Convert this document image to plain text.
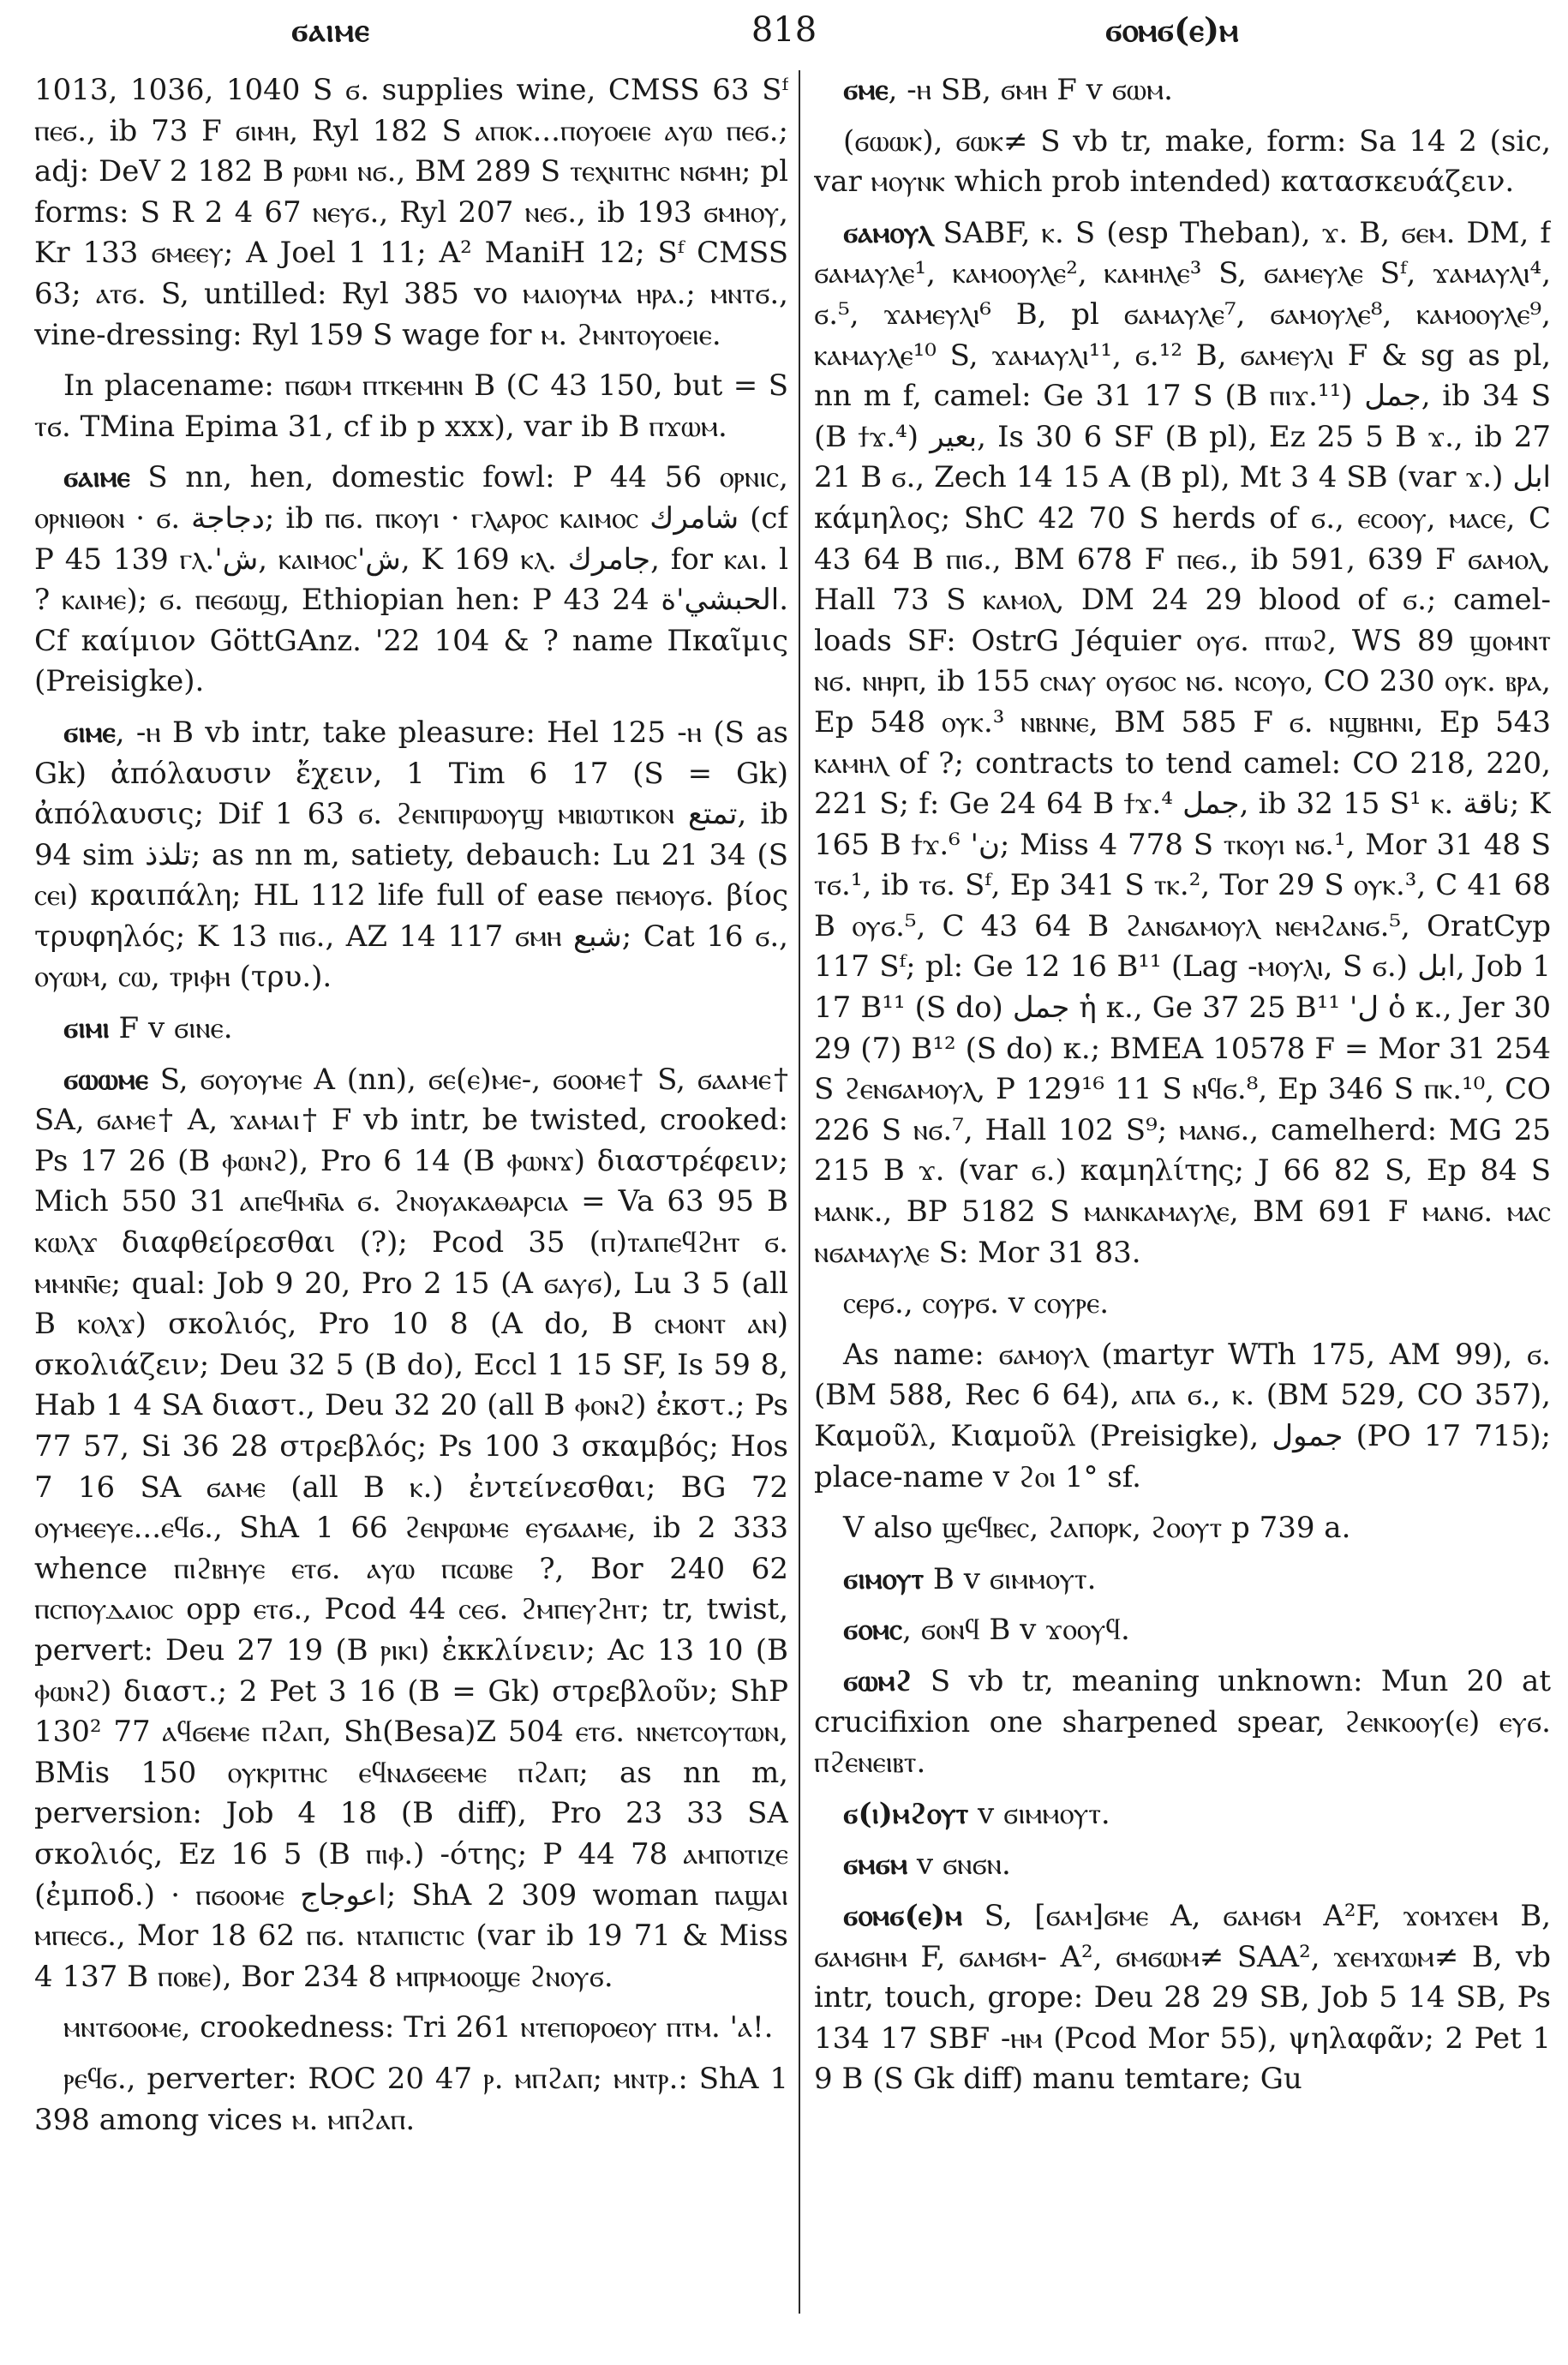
ϭⲁⲓⲙⲉ	818	ϭⲟⲙϭ(ⲉ)ⲙ

1013, 1036, 1040 S ϭ. supplies wine, CMSS 63 Sᶠ ⲡⲉϭ., ib 73 F ϭⲓⲙⲏ, Ryl 182 S ⲁⲡⲟⲕ...ⲡⲟⲩⲟⲉⲓⲉ ⲁⲩⲱ ⲡⲉϭ.; adj: DeV 2 182 B ⲣⲱⲙⲓ ⲛϭ., BM 289 S ⲧⲉⲭⲛⲓⲧⲏⲥ ⲛϭⲙⲏ; pl forms: S R 2 4 67 ⲛⲉⲩϭ., Ryl 207 ⲛⲉϭ., ib 193 ϭⲙⲏⲟⲩ, Kr 133 ϭⲙⲉⲉⲩ; A Joel 1 11; A² ManiH 12; Sᶠ CMSS 63; ⲁⲧϭ. S, untilled: Ryl 385 vo ⲙⲁⲓⲟⲩⲙⲁ ⲏⲣⲁ.; ⲙⲛⲧϭ., vine-dressing: Ryl 159 S wage for ⲙ. ϩⲙⲛⲧⲟⲩⲟⲉⲓⲉ.

In placename: ⲡϭⲱⲙ ⲡⲧⲕⲉⲙⲏⲛ B (C 43 150, but = S ⲧϭ. TMina Epima 31, cf ib p xxx), var ib B ⲡϫⲱⲙ.

ϭⲁⲓⲙⲉ S nn, hen, domestic fowl: P 44 56 ⲟⲣⲛⲓⲥ, ⲟⲣⲛⲓⲑⲟⲛ · ϭ. دجاجة; ib ⲡϭ. ⲡⲕⲟⲩⲓ · ⲅⲗⲁⲣⲟⲥ ⲕⲁⲓⲙⲟⲥ شامرك (cf P 45 139 ⲅⲗ.'ش, ⲕⲁⲓⲙⲟⲥ'ش, K 169 ⲕⲗ. جامرك, for ⲕⲁⲓ. l ? ⲕⲁⲓⲙⲉ); ϭ. ⲡⲉϭⲱϣ, Ethiopian hen: P 43 24 الحبشي'ة. Cf καίμιον GöttGAnz. '22 104 & ? name Πκαῖμις (Preisigke).

ϭⲓⲙⲉ, -ⲏ B vb intr, take pleasure: Hel 125 -ⲏ (S as Gk) ἀπόλαυσιν ἔχειν, 1 Tim 6 17 (S = Gk) ἀπόλαυσις; Dif 1 63 ϭ. ϩⲉⲛⲡⲓⲣⲱⲟⲩϣ ⲙⲃⲓⲱⲧⲓⲕⲟⲛ تمتع, ib 94 sim تلذذ; as nn m, satiety, debauch: Lu 21 34 (S ⲥⲉⲓ) κραιπάλη; HL 112 life full of ease ⲡⲉⲙⲟⲩϭ. βίος τρυφηλός; K 13 ⲡⲓϭ., AZ 14 117 ϭⲙⲏ شبع; Cat 16 ϭ., ⲟⲩⲱⲙ, ⲥⲱ, ⲧⲣⲓⲫⲏ (τρυ.).

ϭⲓⲙⲓ F v ϭⲓⲛⲉ.

ϭⲱⲱⲙⲉ S, ϭⲟⲩⲟⲩⲙⲉ A (nn), ϭⲉ(ⲉ)ⲙⲉ-, ϭⲟⲟⲙⲉ† S, ϭⲁⲁⲙⲉ† SA, ϭⲁⲙⲉ† A, ϫⲁⲙⲁⲓ† F vb intr, be twisted, crooked: Ps 17 26 (B ⲫⲱⲛϩ), Pro 6 14 (B ⲫⲱⲛϫ) διαστρέφειν; Mich 550 31 ⲁⲡⲉϥⲙⲛ̄ⲁ ϭ. ϩⲛⲟⲩⲁⲕⲁⲑⲁⲣⲥⲓⲁ = Va 63 95 B ⲕⲱⲗϫ διαφθείρεσθαι (?); Pcod 35 (ⲡ)ⲧⲁⲡⲉϥϩⲏⲧ ϭ. ⲙⲙⲛⲛ̄ⲉ; qual: Job 9 20, Pro 2 15 (A ϭⲁⲩϭ), Lu 3 5 (all B ⲕⲟⲗϫ) σκολιός, Pro 10 8 (A do, B ⲥⲙⲟⲛⲧ ⲁⲛ) σκολιάζειν; Deu 32 5 (B do), Eccl 1 15 SF, Is 59 8, Hab 1 4 SA διαστ., Deu 32 20 (all B ⲫⲟⲛϩ) ἐκστ.; Ps 77 57, Si 36 28 στρεβλός; Ps 100 3 σκαμβός; Hos 7 16 SA ϭⲁⲙⲉ (all B ⲕ.) ἐντείνεσθαι; BG 72 ⲟⲩⲙⲉⲉⲩⲉ...ⲉϥϭ., ShA 1 66 ϩⲉⲛⲣⲱⲙⲉ ⲉⲩϭⲁⲁⲙⲉ, ib 2 333 whence ⲡⲓϩⲃⲏⲩⲉ ⲉⲧϭ. ⲁⲩⲱ ⲡⲥⲱⲃⲉ ?, Bor 240 62 ⲡⲥⲡⲟⲩⲇⲁⲓⲟⲥ opp ⲉⲧϭ., Pcod 44 ⲥⲉϭ. ϩⲙⲡⲉⲩϩⲏⲧ; tr, twist, pervert: Deu 27 19 (B ⲣⲓⲕⲓ) ἐκκλίνειν; Ac 13 10 (B ⲫⲱⲛϩ) διαστ.; 2 Pet 3 16 (B = Gk) στρεβλοῦν; ShP 130² 77 ⲁϥϭⲉⲙⲉ ⲡϩⲁⲡ, Sh(Besa)Z 504 ⲉⲧϭ. ⲛⲛⲉⲧⲥⲟⲩⲧⲱⲛ, BMis 150 ⲟⲩⲕⲣⲓⲧⲏⲥ ⲉϥⲛⲁϭⲉⲉⲙⲉ ⲡϩⲁⲡ; as nn m, perversion: Job 4 18 (B diff), Pro 23 33 SA σκολιός, Ez 16 5 (B ⲡⲓⲫ.) -ότης; P 44 78 ⲁⲙⲡⲟⲧⲓⲍⲉ (ἐμποδ.) · ⲡϭⲟⲟⲙⲉ اعوجاج; ShA 2 309 woman ⲡⲁϣⲁⲓ ⲙⲡⲉⲥϭ., Mor 18 62 ⲡϭ. ⲛⲧⲁⲡⲓⲥⲧⲓⲥ (var ib 19 71 & Miss 4 137 B ⲡⲟⲃⲉ), Bor 234 8 ⲙⲡⲣⲙⲟⲟϣⲉ ϩⲛⲟⲩϭ.

ⲙⲛⲧϭⲟⲟⲙⲉ, crookedness: Tri 261 ⲛⲧⲉⲡⲟⲣⲟⲉⲟⲩ ⲡⲧⲙ. 'ⲁ!.

ⲣⲉϥϭ., perverter: ROC 20 47 ⲣ. ⲙⲡϩⲁⲡ; ⲙⲛⲧⲣ.: ShA 1 398 among vices ⲙ. ⲙⲡϩⲁⲡ.

ϭⲙⲉ, -ⲏ SB, ϭⲙⲏ F v ϭⲱⲙ.

(ϭⲱⲱⲕ), ϭⲱⲕ≠ S vb tr, make, form: Sa 14 2 (sic, var ⲙⲟⲩⲛⲕ which prob intended) κατασκευάζειν.

ϭⲁⲙⲟⲩⲗ SABF, ⲕ. S (esp Theban), ϫ. B, ϭⲉⲙ. DM, f ϭⲁⲙⲁⲩⲗⲉ¹, ⲕⲁⲙⲟⲟⲩⲗⲉ², ⲕⲁⲙⲏⲗⲉ³ S, ϭⲁⲙⲉⲩⲗⲉ Sᶠ, ϫⲁⲙⲁⲩⲗⲓ⁴, ϭ.⁵, ϫⲁⲙⲉⲩⲗⲓ⁶ B, pl ϭⲁⲙⲁⲩⲗⲉ⁷, ϭⲁⲙⲟⲩⲗⲉ⁸, ⲕⲁⲙⲟⲟⲩⲗⲉ⁹, ⲕⲁⲙⲁⲩⲗⲉ¹⁰ S, ϫⲁⲙⲁⲩⲗⲓ¹¹, ϭ.¹² B, ϭⲁⲙⲉⲩⲗⲓ F & sg as pl, nn m f, camel: Ge 31 17 S (B ⲡⲓϫ.¹¹) جمل, ib 34 S (B ϯϫ.⁴) بعير, Is 30 6 SF (B pl), Ez 25 5 B ϫ., ib 27 21 B ϭ., Zech 14 15 A (B pl), Mt 3 4 SB (var ϫ.) ابل κάμηλος; ShC 42 70 S herds of ϭ., ⲉⲥⲟⲟⲩ, ⲙⲁⲥⲉ, C 43 64 B ⲡⲓϭ., BM 678 F ⲡⲉϭ., ib 591, 639 F ϭⲁⲙⲟⲗ, Hall 73 S ⲕⲁⲙⲟⲗ, DM 24 29 blood of ϭ.; camel-loads SF: OstrG Jéquier ⲟⲩϭ. ⲡⲧⲱϩ, WS 89 ϣⲟⲙⲛⲧ ⲛϭ. ⲛⲏⲣⲡ, ib 155 ⲥⲛⲁⲩ ⲟⲩϭⲟⲥ ⲛϭ. ⲛⲥⲟⲩⲟ, CO 230 ⲟⲩⲕ. ⲃⲣⲁ, Ep 548 ⲟⲩⲕ.³ ⲛⲃⲛⲛⲉ, BM 585 F ϭ. ⲛϣⲃⲏⲛⲓ, Ep 543 ⲕⲁⲙⲏⲗ of ?; contracts to tend camel: CO 218, 220, 221 S; f: Ge 24 64 B ϯϫ.⁴ جمل, ib 32 15 S¹ ⲕ. ناقة; K 165 B ϯϫ.⁶ 'ﻥ; Miss 4 778 S ⲧⲕⲟⲩⲓ ⲛϭ.¹, Mor 31 48 S ⲧϭ.¹, ib ⲧϭ. Sᶠ, Ep 341 S ⲧⲕ.², Tor 29 S ⲟⲩⲕ.³, C 41 68 B ⲟⲩϭ.⁵, C 43 64 B ϩⲁⲛϭⲁⲙⲟⲩⲗ ⲛⲉⲙϩⲁⲛϭ.⁵, OratCyp 117 Sᶠ; pl: Ge 12 16 B¹¹ (Lag -ⲙⲟⲩⲗⲓ, S ϭ.) ابل, Job 1 17 B¹¹ (S do) جمل ἡ κ., Ge 37 25 B¹¹ 'ﻝ ὁ κ., Jer 30 29 (7) B¹² (S do) κ.; BMEA 10578 F = Mor 31 254 S ϩⲉⲛϭⲁⲙⲟⲩⲗ, P 129¹⁶ 11 S ⲛϥϭ.⁸, Ep 346 S ⲡⲕ.¹⁰, CO 226 S ⲛϭ.⁷, Hall 102 S⁹; ⲙⲁⲛϭ., camelherd: MG 25 215 B ϫ. (var ϭ.) καμηλίτης; J 66 82 S, Ep 84 S ⲙⲁⲛⲕ., BP 5182 S ⲙⲁⲛⲕⲁⲙⲁⲩⲗⲉ, BM 691 F ⲙⲁⲛϭ. ⲙⲁⲥ ⲛϭⲁⲙⲁⲩⲗⲉ S: Mor 31 83.

ⲥⲉⲣϭ., ⲥⲟⲩⲣϭ. v ⲥⲟⲩⲣⲉ.

As name: ϭⲁⲙⲟⲩⲗ (martyr WTh 175, AM 99), ϭ. (BM 588, Rec 6 64), ⲁⲡⲁ ϭ., ⲕ. (BM 529, CO 357), Καμοῦλ, Κιαμοῦλ (Preisigke), جمول (PO 17 715); place-name v ϩⲟⲓ 1° sf.

V also ϣⲉϥⲃⲉⲥ, ϩⲁⲡⲟⲣⲕ, ϩⲟⲟⲩⲧ p 739 a.

ϭⲓⲙⲟⲩⲧ B v ϭⲓⲙⲙⲟⲩⲧ.

ϭⲟⲙⲥ, ϭⲟⲛϥ B v ϫⲟⲟⲩϥ.

ϭⲱⲙϩ S vb tr, meaning unknown: Mun 20 at crucifixion one sharpened spear, ϩⲉⲛⲕⲟⲟⲩ(ⲉ) ⲉⲩϭ. ⲡϩⲉⲛⲉⲓⲃⲧ.

ϭ(ⲓ)ⲙϩⲟⲩⲧ v ϭⲓⲙⲙⲟⲩⲧ.

ϭⲙϭⲙ v ϭⲛϭⲛ.

ϭⲟⲙϭ(ⲉ)ⲙ S, [ϭⲁⲙ]ϭⲙⲉ A, ϭⲁⲙϭⲙ A²F, ϫⲟⲙϫⲉⲙ B, ϭⲁⲙϭⲏⲙ F, ϭⲁⲙϭⲙ- A², ϭⲙϭⲱⲙ≠ SAA², ϫⲉⲙϫⲱⲙ≠ B, vb intr, touch, grope: Deu 28 29 SB, Job 5 14 SB, Ps 134 17 SBF -ⲏⲙ (Pcod Mor 55), ψηλαφᾶν; 2 Pet 1 9 B (S Gk diff) manu temtare; Gu
